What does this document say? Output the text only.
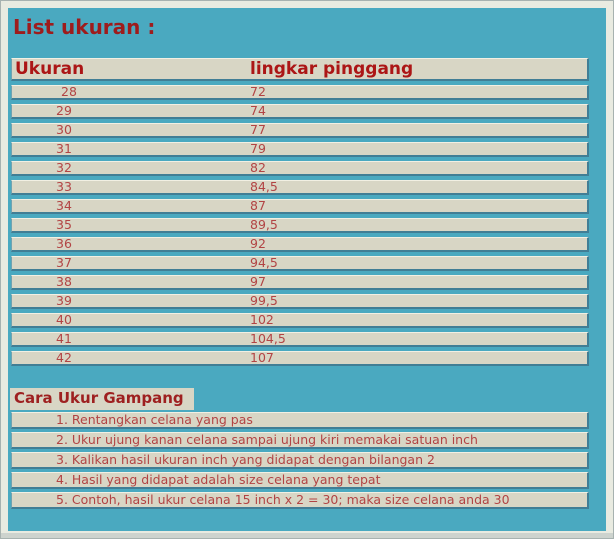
List ukuran :
Ukuran	lingkar pinggang
28	72
29	74
30	77
31	79
32	82
33	84,5
34	87
35	89,5
36	92
37	94,5
38	97
39	99,5
40	102
41	104,5
42	107
Cara Ukur Gampang
1. Rentangkan celana yang pas
2. Ukur ujung kanan celana sampai ujung kiri memakai satuan inch
3. Kalikan hasil ukuran inch yang didapat dengan bilangan 2
4. Hasil yang didapat adalah size celana yang tepat
5. Contoh, hasil ukur celana 15 inch x 2 = 30; maka size celana anda 30
